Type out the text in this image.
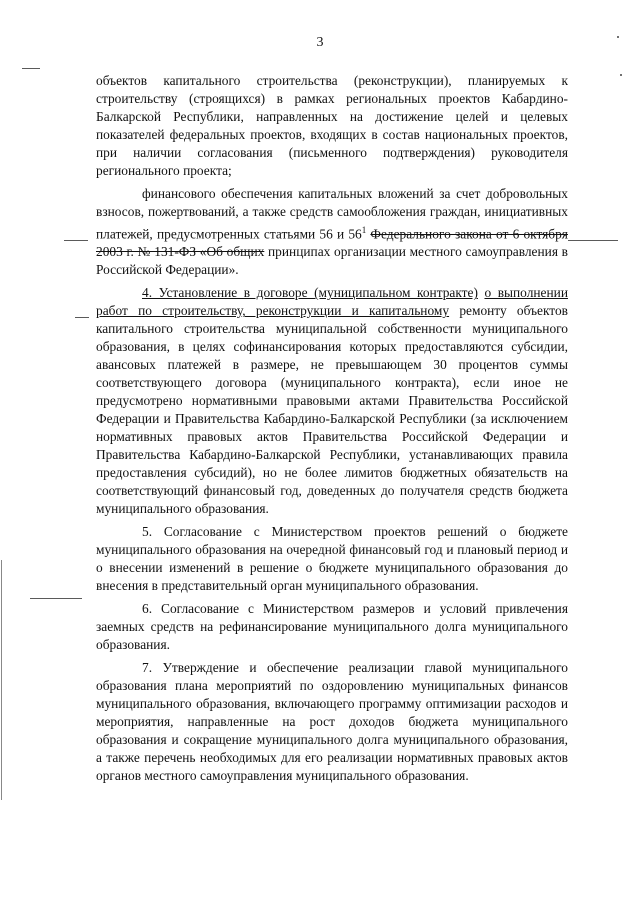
3

объектов капитального строительства (реконструкции), планируемых к строительству (строящихся) в рамках региональных проектов Кабардино-Балкарской Республики, направленных на достижение целей и целевых показателей федеральных проектов, входящих в состав национальных проектов, при наличии согласования (письменного подтверждения) руководителя регионального проекта;

финансового обеспечения капитальных вложений за счет добровольных взносов, пожертвований, а также средств самообложения граждан, инициативных платежей, предусмотренных статьями 56 и $56^1$ Федерального закона от 6 октября 2003 г. № 131-ФЗ «Об общих принципах организации местного самоуправления в Российской Федерации».

4. Установление в договоре (муниципальном контракте) о выполнении работ по строительству, реконструкции и капитальному ремонту объектов капитального строительства муниципальной собственности муниципального образования, в целях софинансирования которых предоставляются субсидии, авансовых платежей в размере, не превышающем 30 процентов суммы соответствующего договора (муниципального контракта), если иное не предусмотрено нормативными правовыми актами Правительства Российской Федерации и Правительства Кабардино-Балкарской Республики (за исключением нормативных правовых актов Правительства Российской Федерации и Правительства Кабардино-Балкарской Республики, устанавливающих правила предоставления субсидий), но не более лимитов бюджетных обязательств на соответствующий финансовый год, доведенных до получателя средств бюджета муниципального образования.

5. Согласование с Министерством проектов решений о бюджете муниципального образования на очередной финансовый год и плановый период и о внесении изменений в решение о бюджете муниципального образования до внесения в представительный орган муниципального образования.

6. Согласование с Министерством размеров и условий привлечения заемных средств на рефинансирование муниципального долга муниципального образования.

7. Утверждение и обеспечение реализации главой муниципального образования плана мероприятий по оздоровлению муниципальных финансов муниципального образования, включающего программу оптимизации расходов и мероприятия, направленные на рост доходов бюджета муниципального образования и сокращение муниципального долга муниципального образования, а также перечень необходимых для его реализации нормативных правовых актов органов местного самоуправления муниципального образования.
